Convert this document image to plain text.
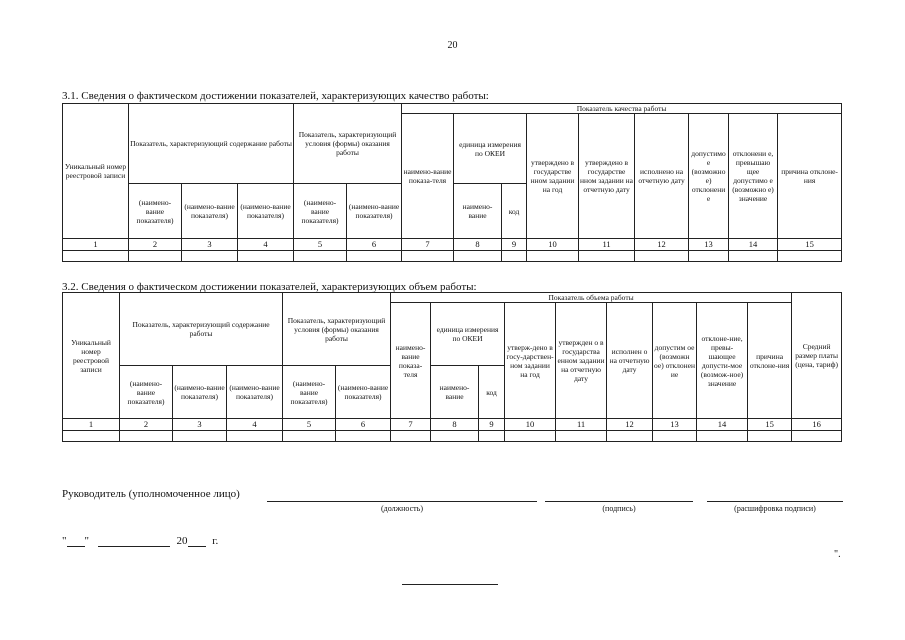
20
3.1. Сведения о фактическом достижении показателей, характеризующих качество работы:
Уникальный номер реестровой записи	Показатель, характеризующий содержание работы			Показатель, характеризующий условия (формы) оказания работы		Показатель качества работы								
						наимено-вание показа-теля	единица измерения по ОКЕИ		утверждено в государстве нном задании на год	утверждено в государстве нном задании на отчетную дату	исполнено на отчетную дату	допустимо е (возможно е) отклонени е	отклонени е, превышаю щее допустимо е (возможно е) значение	причина отклоне-ния
	(наимено-вание показателя)	(наимено-вание показателя)	(наимено-вание показателя)	(наимено-вание показателя)	(наимено-вание показателя)		наимено-вание	код						
1	2	3	4	5	6	7	8	9	10	11	12	13	14	15

3.2. Сведения о фактическом достижении показателей, характеризующих объем работы:
Уникальный номер реестровой записи	Показатель, характеризующий содержание работы			Показатель, характеризующий условия (формы) оказания работы		Показатель объема работы									Средний размер платы (цена, тариф)
						наимено-вание показа-теля	единица измерения по ОКЕИ		утверж-дено в госу-дарствен-ном задании на год	утвержден о в государства енном задании на отчетную дату	исполнен о на отчетную дату	допустим ое (возможн ое) отклонен ие	отклоне-ние, превы-шающее допусти-мое (возмож-ное) значение	причина отклоне-ния	
	(наимено-вание показателя)	(наимено-вание показателя)	(наимено-вание показателя)	(наимено-вание показателя)	(наимено-вание показателя)		наимено-вание	код							
1	2	3	4	5	6	7	8	9	10	11	12	13	14	15	16

Руководитель (уполномоченное лицо)
(должность)	(подпись)	(расшифровка подписи)
" "	20 г.
".
